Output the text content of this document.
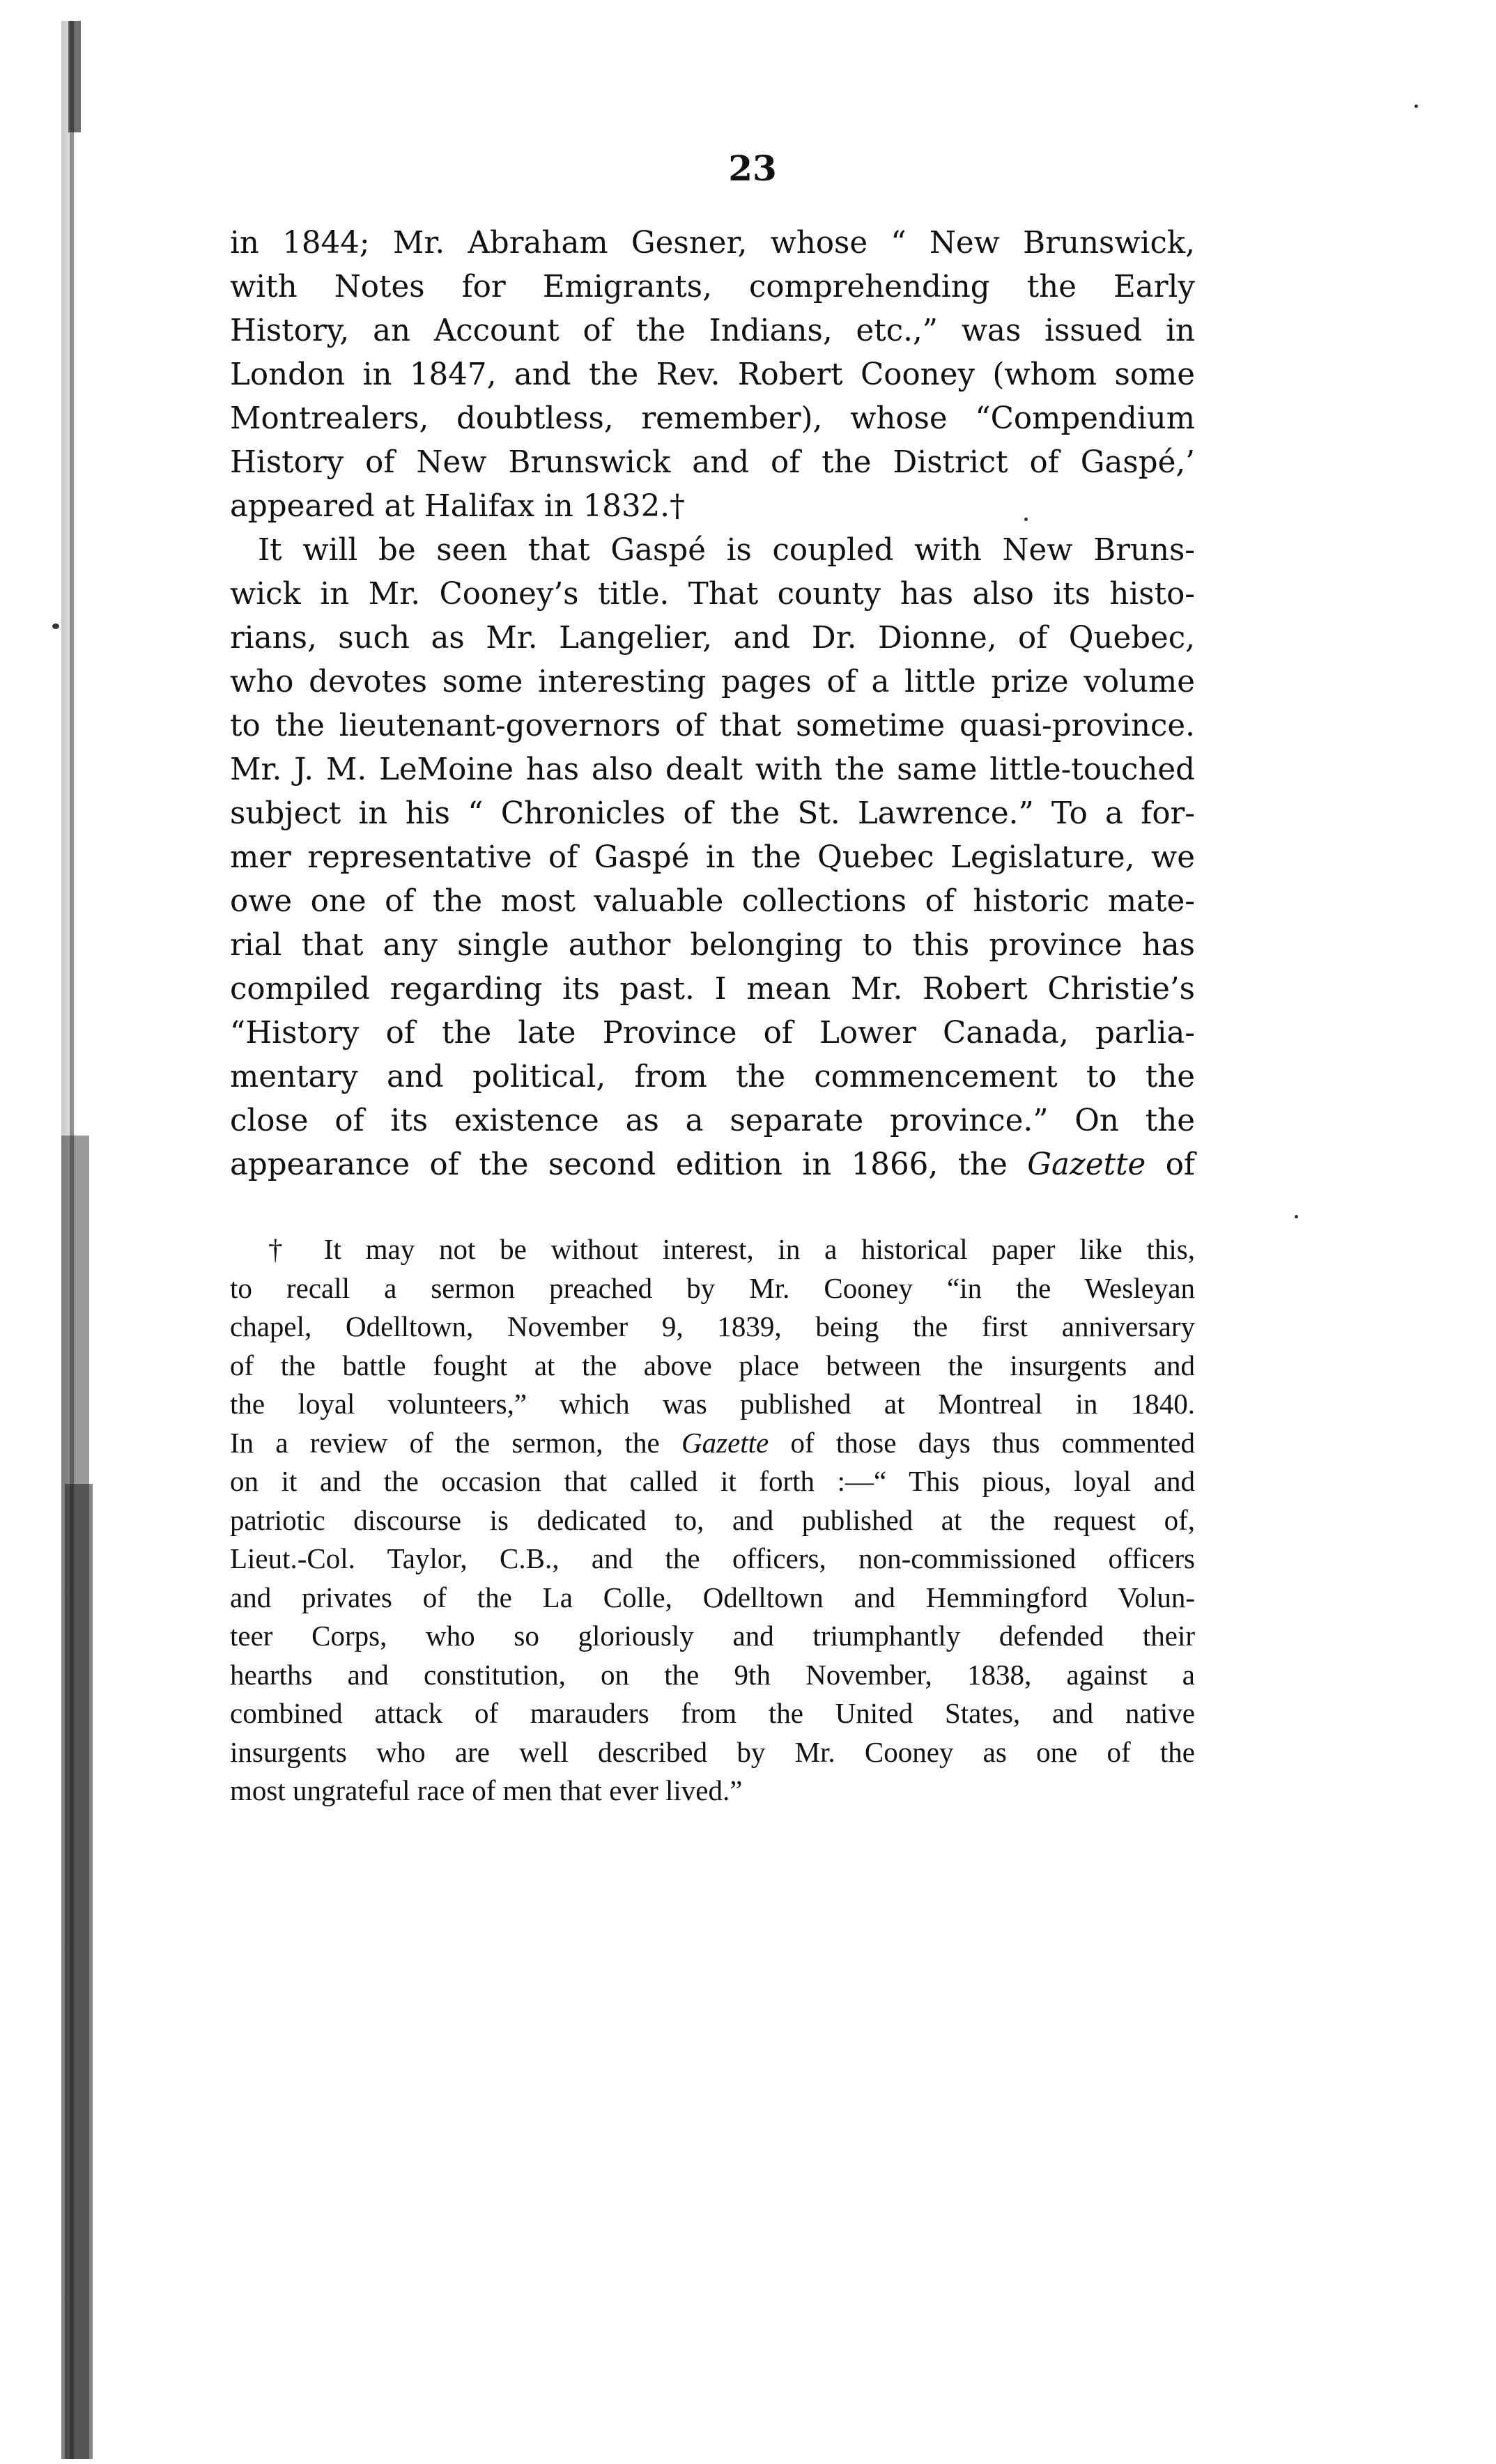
23
in 1844; Mr. Abraham Gesner, whose “ New Brunswick,
with Notes for Emigrants, comprehending the Early
History, an Account of the Indians, etc.,” was issued in
London in 1847, and the Rev. Robert Cooney (whom some
Montrealers, doubtless, remember), whose “Compendium
History of New Brunswick and of the District of Gaspé,’
appeared at Halifax in 1832.†
It will be seen that Gaspé is coupled with New Bruns-
wick in Mr. Cooney’s title. That county has also its histo-
rians, such as Mr. Langelier, and Dr. Dionne, of Quebec,
who devotes some interesting pages of a little prize volume
to the lieutenant-governors of that sometime quasi-province.
Mr. J. M. LeMoine has also dealt with the same little-touched
subject in his “ Chronicles of the St. Lawrence.” To a for-
mer representative of Gaspé in the Quebec Legislature, we
owe one of the most valuable collections of historic mate-
rial that any single author belonging to this province has
compiled regarding its past. I mean Mr. Robert Christie’s
“History of the late Province of Lower Canada, parlia-
mentary and political, from the commencement to the
close of its existence as a separate province.” On the
appearance of the second edition in 1866, the Gazette of
† It may not be without interest, in a historical paper like this,
to recall a sermon preached by Mr. Cooney “in the Wesleyan
chapel, Odelltown, November 9, 1839, being the first anniversary
of the battle fought at the above place between the insurgents and
the loyal volunteers,” which was published at Montreal in 1840.
In a review of the sermon, the Gazette of those days thus commented
on it and the occasion that called it forth :—“ This pious, loyal and
patriotic discourse is dedicated to, and published at the request of,
Lieut.-Col. Taylor, C.B., and the officers, non-commissioned officers
and privates of the La Colle, Odelltown and Hemmingford Volun-
teer Corps, who so gloriously and triumphantly defended their
hearths and constitution, on the 9th November, 1838, against a
combined attack of marauders from the United States, and native
insurgents who are well described by Mr. Cooney as one of the
most ungrateful race of men that ever lived.”
